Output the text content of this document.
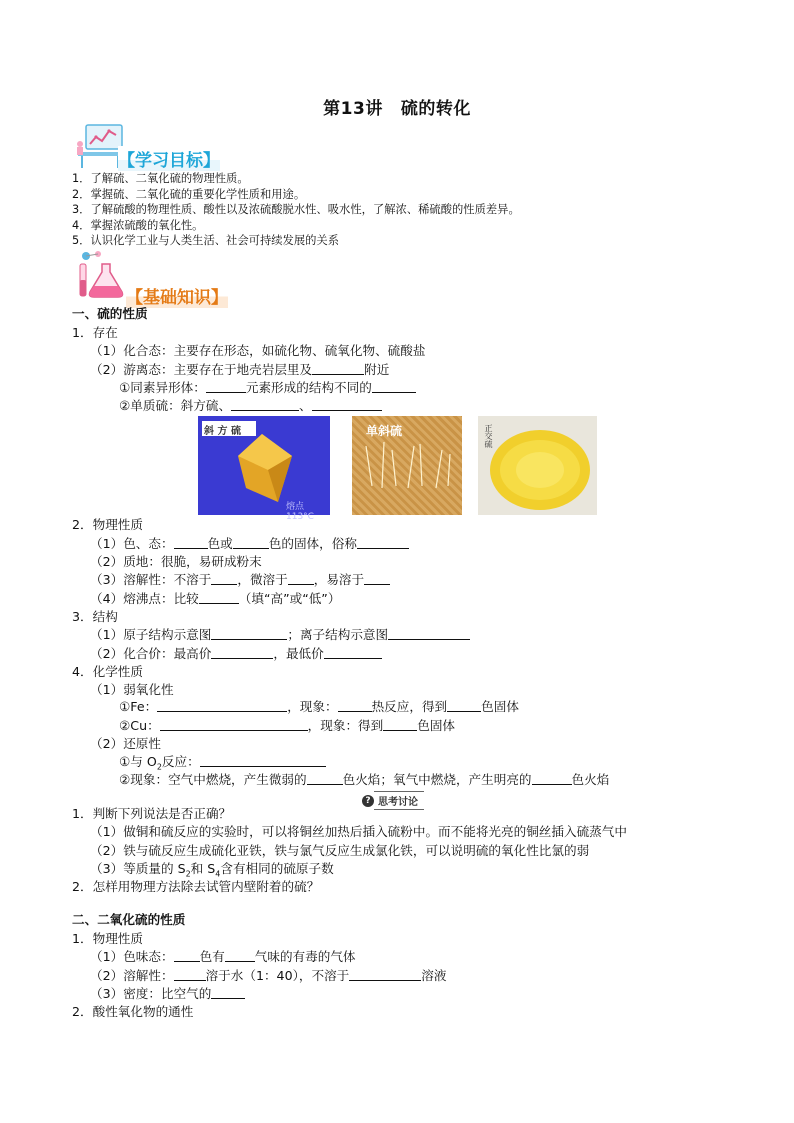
第13讲 硫的转化
【学习目标】
1．了解硫、二氧化硫的物理性质。
2．掌握硫、二氧化硫的重要化学性质和用途。
3．了解硫酸的物理性质、酸性以及浓硫酸脱水性、吸水性，了解浓、稀硫酸的性质差异。
4．掌握浓硫酸的氧化性。
5．认识化学工业与人类生活、社会可持续发展的关系
【基础知识】
一、硫的性质
1．存在
（1）化合态：主要存在形态，如硫化物、硫氧化物、硫酸盐
（2）游离态：主要存在于地壳岩层里及	附近
①同素异形体：	元素形成的结构不同的
②单质硫：斜方硫、	、
斜 方 硫
熔点 113°C
单斜硫	正交硫
2．物理性质
（1）色、态：	色或	色的固体，俗称
（2）质地：很脆，易研成粉末
（3）溶解性：不溶于 ，微溶于 ，易溶于
（4）熔沸点：比较	（填“高”或“低”）
3．结构
（1）原子结构示意图	；离子结构示意图
（2）化合价：最高价	，最低价
4．化学性质
（1）弱氧化性
①Fe：	，现象：	热反应，得到	色固体
②Cu：	，现象：得到	色固体
（2）还原性
①与 $O_2$反应：
②现象：空气中燃烧，产生微弱的	色火焰；氧气中燃烧，产生明亮的	色火焰
? 思考讨论
1．判断下列说法是否正确？
（1）做铜和硫反应的实验时，可以将铜丝加热后插入硫粉中。而不能将光亮的铜丝插入硫蒸气中
（2）铁与硫反应生成硫化亚铁，铁与氯气反应生成氯化铁，可以说明硫的氧化性比氯的弱
（3）等质量的 $S_2$和 $S_4$含有相同的硫原子数
2．怎样用物理方法除去试管内壁附着的硫？
二、二氧化硫的性质
1．物理性质
（1）色味态： 色有 气味的有毒的气体
（2）溶解性：	溶于水（1：40），不溶于	溶液
（3）密度：比空气的
2．酸性氧化物的通性
